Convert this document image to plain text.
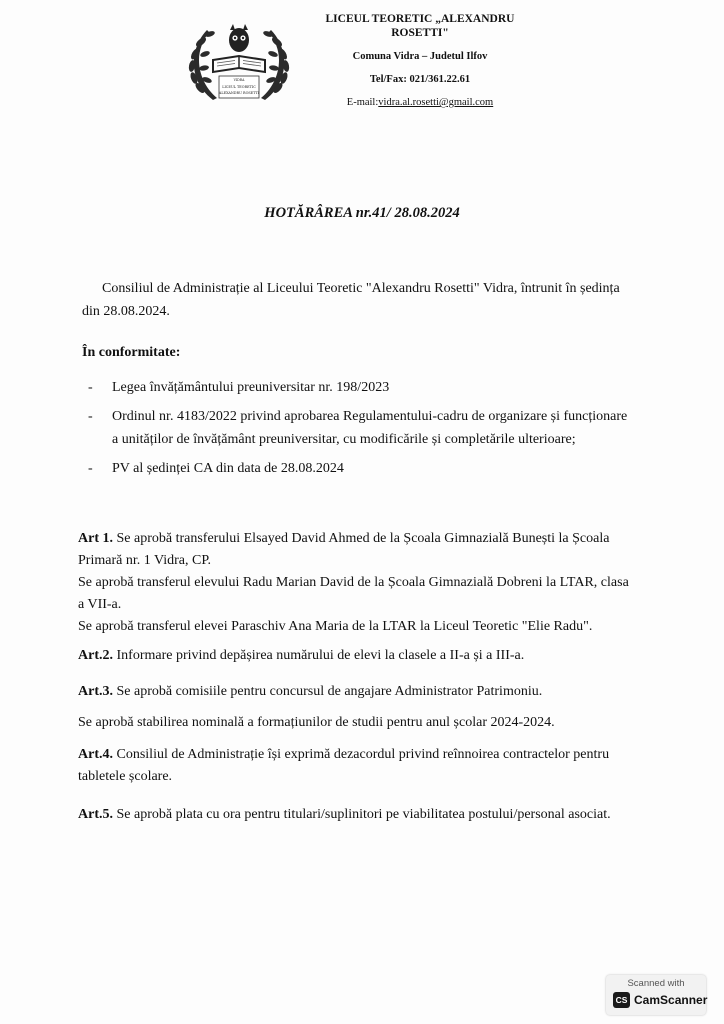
VIDRA
LICEUL TEORETIC
ALEXANDRU ROSETTI
LICEUL TEORETIC „ALEXANDRU ROSETTI"
Comuna Vidra – Judetul Ilfov
Tel/Fax: 021/361.22.61
E-mail:vidra.al.rosetti@gmail.com
HOTĂRÂREA nr.41/ 28.08.2024
Consiliul de Administrație al Liceului Teoretic "Alexandru Rosetti" Vidra, întrunit în ședința din 28.08.2024.
În conformitate:
- Legea învățământului preuniversitar nr. 198/2023
- Ordinul nr. 4183/2022 privind aprobarea Regulamentului-cadru de organizare și funcționare a unităților de învățământ preuniversitar, cu modificările și completările ulterioare;
- PV al ședinței CA din data de 28.08.2024
Art 1. Se aprobă transferului Elsayed David Ahmed de la Școala Gimnazială Bunești la Școala Primară nr. 1 Vidra, CP.
Se aprobă transferul elevului Radu Marian David de la Școala Gimnazială Dobreni la LTAR, clasa a VII-a.
Se aprobă transferul elevei Paraschiv Ana Maria de la LTAR la Liceul Teoretic "Elie Radu".
Art.2. Informare privind depășirea numărului de elevi la clasele a II-a și a III-a.
Art.3. Se aprobă comisiile pentru concursul de angajare Administrator Patrimoniu.
Se aprobă stabilirea nominală a formațiunilor de studii pentru anul școlar 2024-2024.
Art.4. Consiliul de Administrație își exprimă dezacordul privind reînnoirea contractelor pentru tabletele școlare.
Art.5. Se aprobă plata cu ora pentru titulari/suplinitori pe viabilitatea postului/personal asociat.
Scanned with
CS CamScanner
